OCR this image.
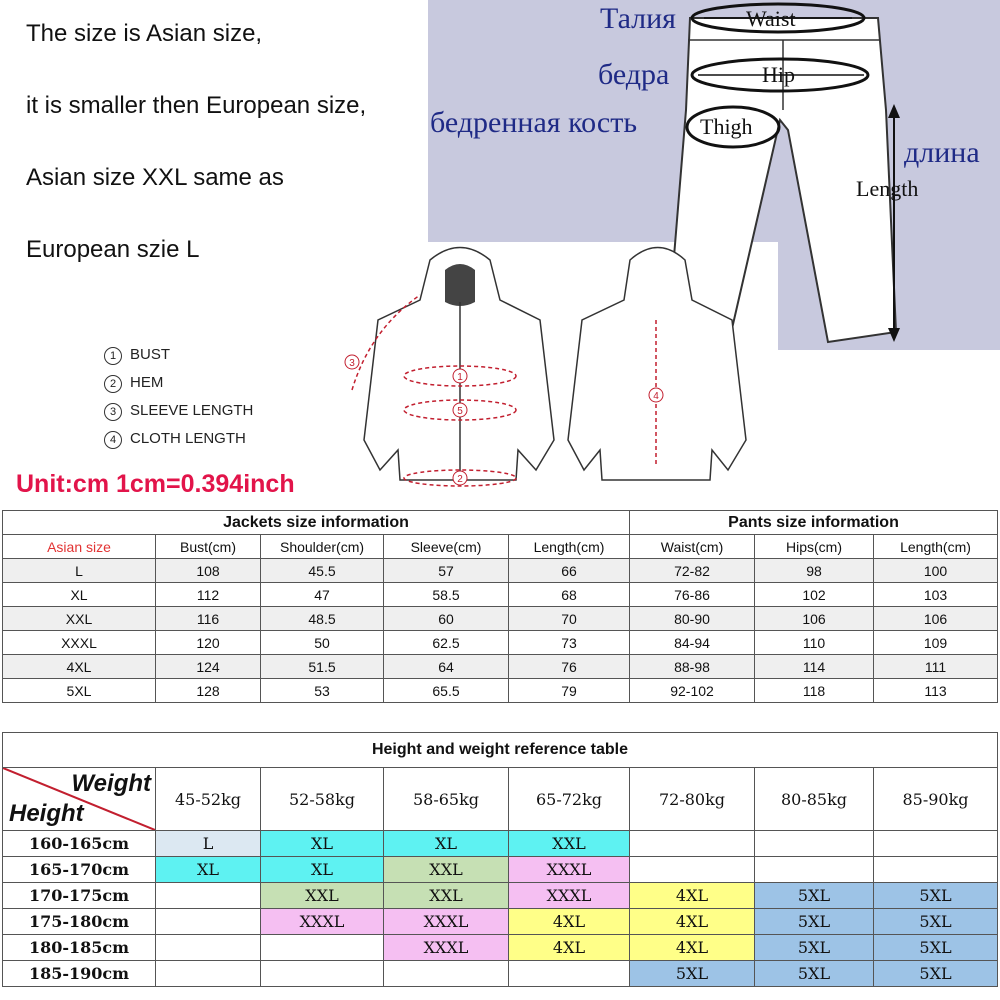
The size is Asian size,
it is smaller then European size,
Asian size XXL same as
European szie L
Талия	Waist
бедра	Hip
бедренная кость	Thigh
длина
Length
1
5
2
3
4
1 BUST
2 HEM
3 SLEEVE LENGTH
4 CLOTH LENGTH
Unit:cm 1cm=0.394inch
Jackets size information					Pants size information		
Asian size	Bust(cm)	Shoulder(cm)	Sleeve(cm)	Length(cm)	Waist(cm)	Hips(cm)	Length(cm)
L	108	45.5	57	66	72-82	98	100
XL	112	47	58.5	68	76-86	102	103
XXL	116	48.5	60	70	80-90	106	106
XXXL	120	50	62.5	73	84-94	110	109
4XL	124	51.5	64	76	88-98	114	111
5XL	128	53	65.5	79	92-102	118	113
Height and weight reference table							

Weight
Height	45-52kg	52-58kg	58-65kg	65-72kg	72-80kg	80-85kg	85-90kg
160-165cm	L	XL	XL	XXL			
165-170cm	XL	XL	XXL	XXXL			
170-175cm		XXL	XXL	XXXL	4XL	5XL	5XL
175-180cm		XXXL	XXXL	4XL	4XL	5XL	5XL
180-185cm			XXXL	4XL	4XL	5XL	5XL
185-190cm					5XL	5XL	5XL
